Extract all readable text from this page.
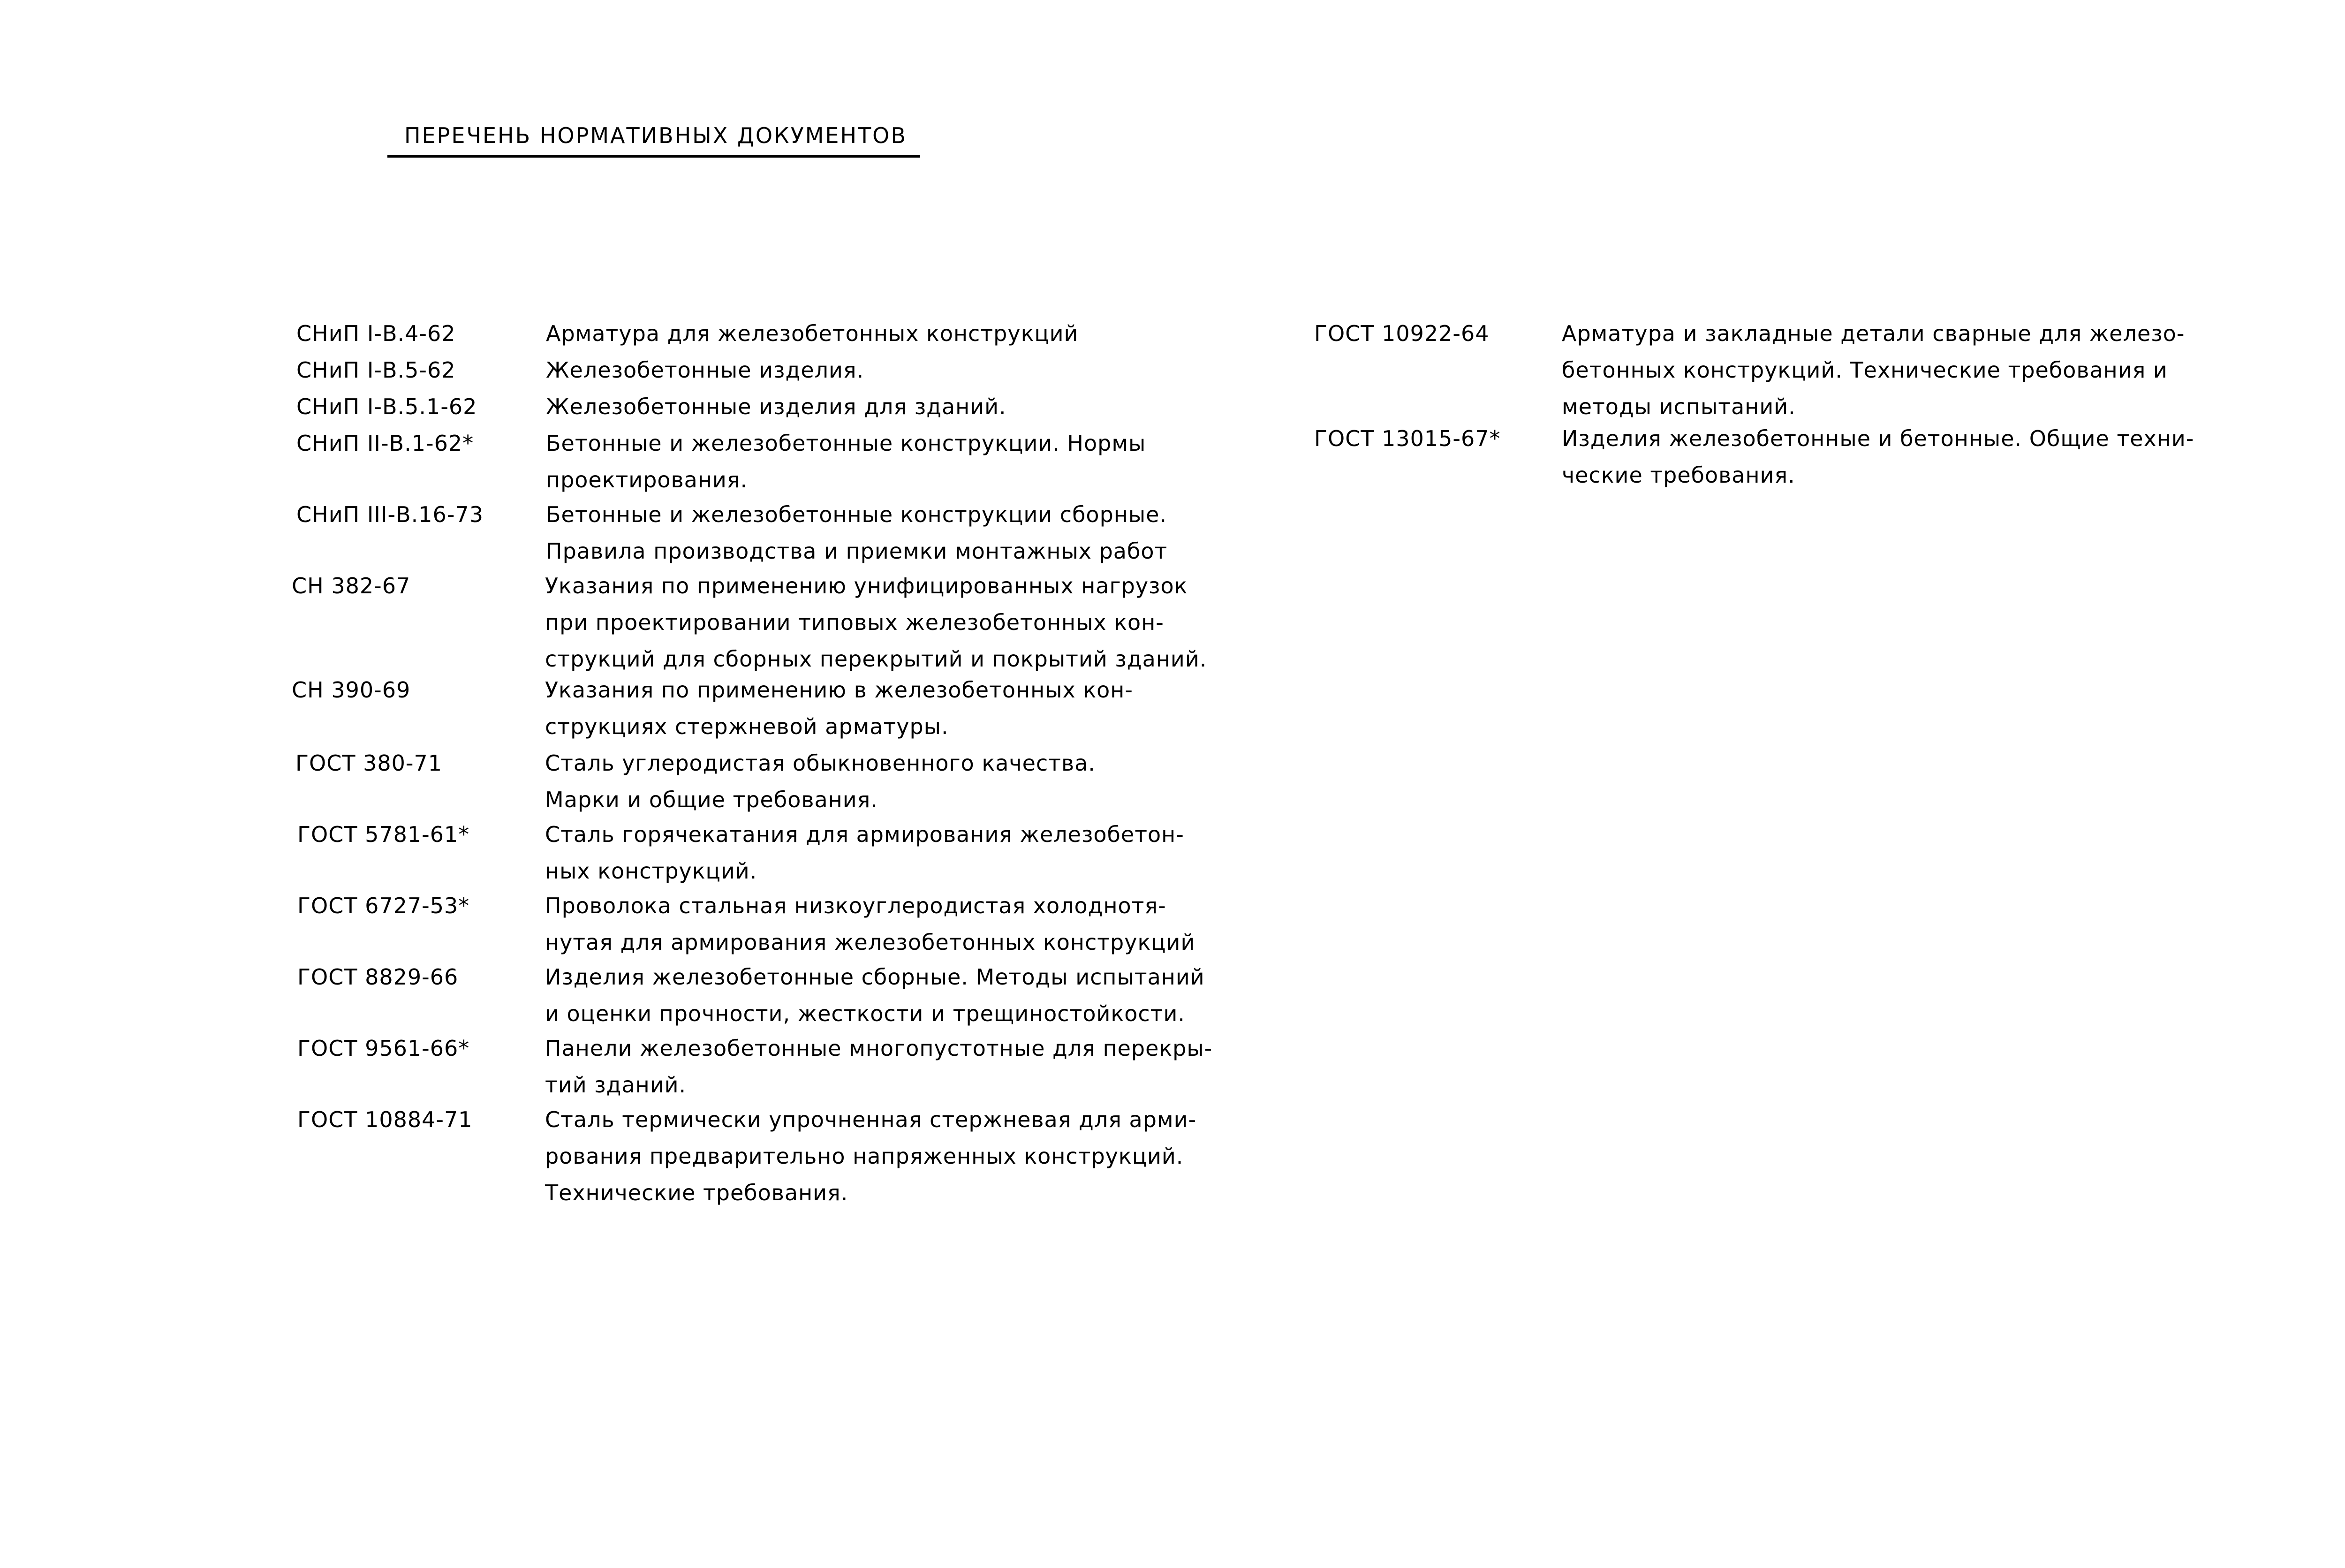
ПЕРЕЧЕНЬ НОРМАТИВНЫХ ДОКУМЕНТОВ
СНиП I-В.4-62	Арматура для железобетонных конструкций
СНиП I-В.5-62	Железобетонные изделия.
СНиП I-В.5.1-62	Железобетонные изделия для зданий.
СНиП II-В.1-62*	Бетонные и железобетонные конструкции. Нормы
проектирования.
СНиП III-В.16-73	Бетонные и железобетонные конструкции сборные.
Правила производства и приемки монтажных работ
СН 382-67	Указания по применению унифицированных нагрузок
при проектировании типовых железобетонных кон-
струкций для сборных перекрытий и покрытий зданий.
СН 390-69	Указания по применению в железобетонных кон-
струкциях стержневой арматуры.
ГОСТ 380-71	Сталь углеродистая обыкновенного качества.
Марки и общие требования.
ГОСТ 5781-61*	Сталь горячекатания для армирования железобетон-
ных конструкций.
ГОСТ 6727-53*	Проволока стальная низкоуглеродистая холоднотя-
нутая для армирования железобетонных конструкций
ГОСТ 8829-66	Изделия железобетонные сборные. Методы испытаний
и оценки прочности, жесткости и трещиностойкости.
ГОСТ 9561-66*	Панели железобетонные многопустотные для перекры-
тий зданий.
ГОСТ 10884-71	Сталь термически упрочненная стержневая для арми-
рования предварительно напряженных конструкций.
Технические требования.
ГОСТ 10922-64	Арматура и закладные детали сварные для железо-
бетонных конструкций. Технические требования и
методы испытаний.
ГОСТ 13015-67*	Изделия железобетонные и бетонные. Общие техни-
ческие требования.
